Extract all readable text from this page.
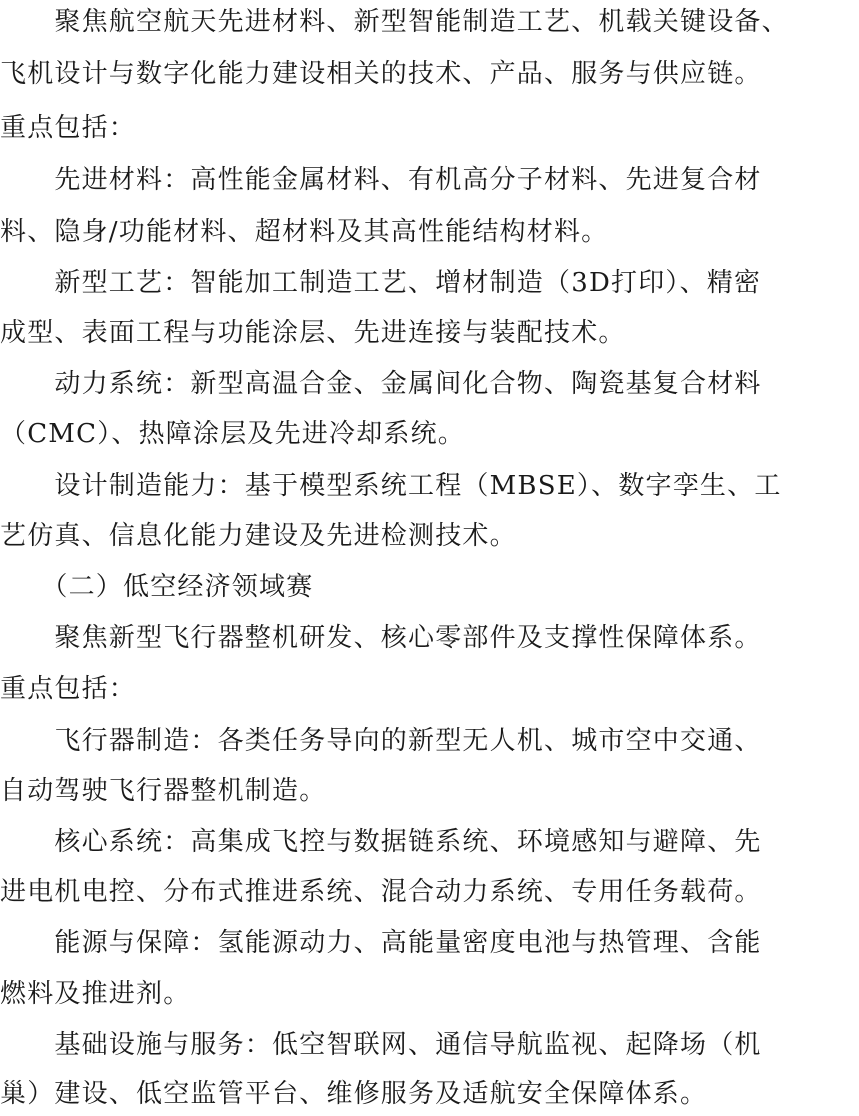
　　聚焦航空航天先进材料、新型智能制造工艺、机载关键设备、
飞机设计与数字化能力建设相关的技术、产品、服务与供应链。
重点包括：
　　先进材料：高性能金属材料、有机高分子材料、先进复合材
料、隐身/功能材料、超材料及其高性能结构材料。
　　新型工艺：智能加工制造工艺、增材制造（3D打印）、精密
成型、表面工程与功能涂层、先进连接与装配技术。
　　动力系统：新型高温合金、金属间化合物、陶瓷基复合材料
（CMC）、热障涂层及先进冷却系统。
　　设计制造能力：基于模型系统工程（MBSE）、数字孪生、工
艺仿真、信息化能力建设及先进检测技术。
　　（二）低空经济领域赛
　　聚焦新型飞行器整机研发、核心零部件及支撑性保障体系。
重点包括：
　　飞行器制造：各类任务导向的新型无人机、城市空中交通、
自动驾驶飞行器整机制造。
　　核心系统：高集成飞控与数据链系统、环境感知与避障、先
进电机电控、分布式推进系统、混合动力系统、专用任务载荷。
　　能源与保障：氢能源动力、高能量密度电池与热管理、含能
燃料及推进剂。
　　基础设施与服务：低空智联网、通信导航监视、起降场（机
巢）建设、低空监管平台、维修服务及适航安全保障体系。
